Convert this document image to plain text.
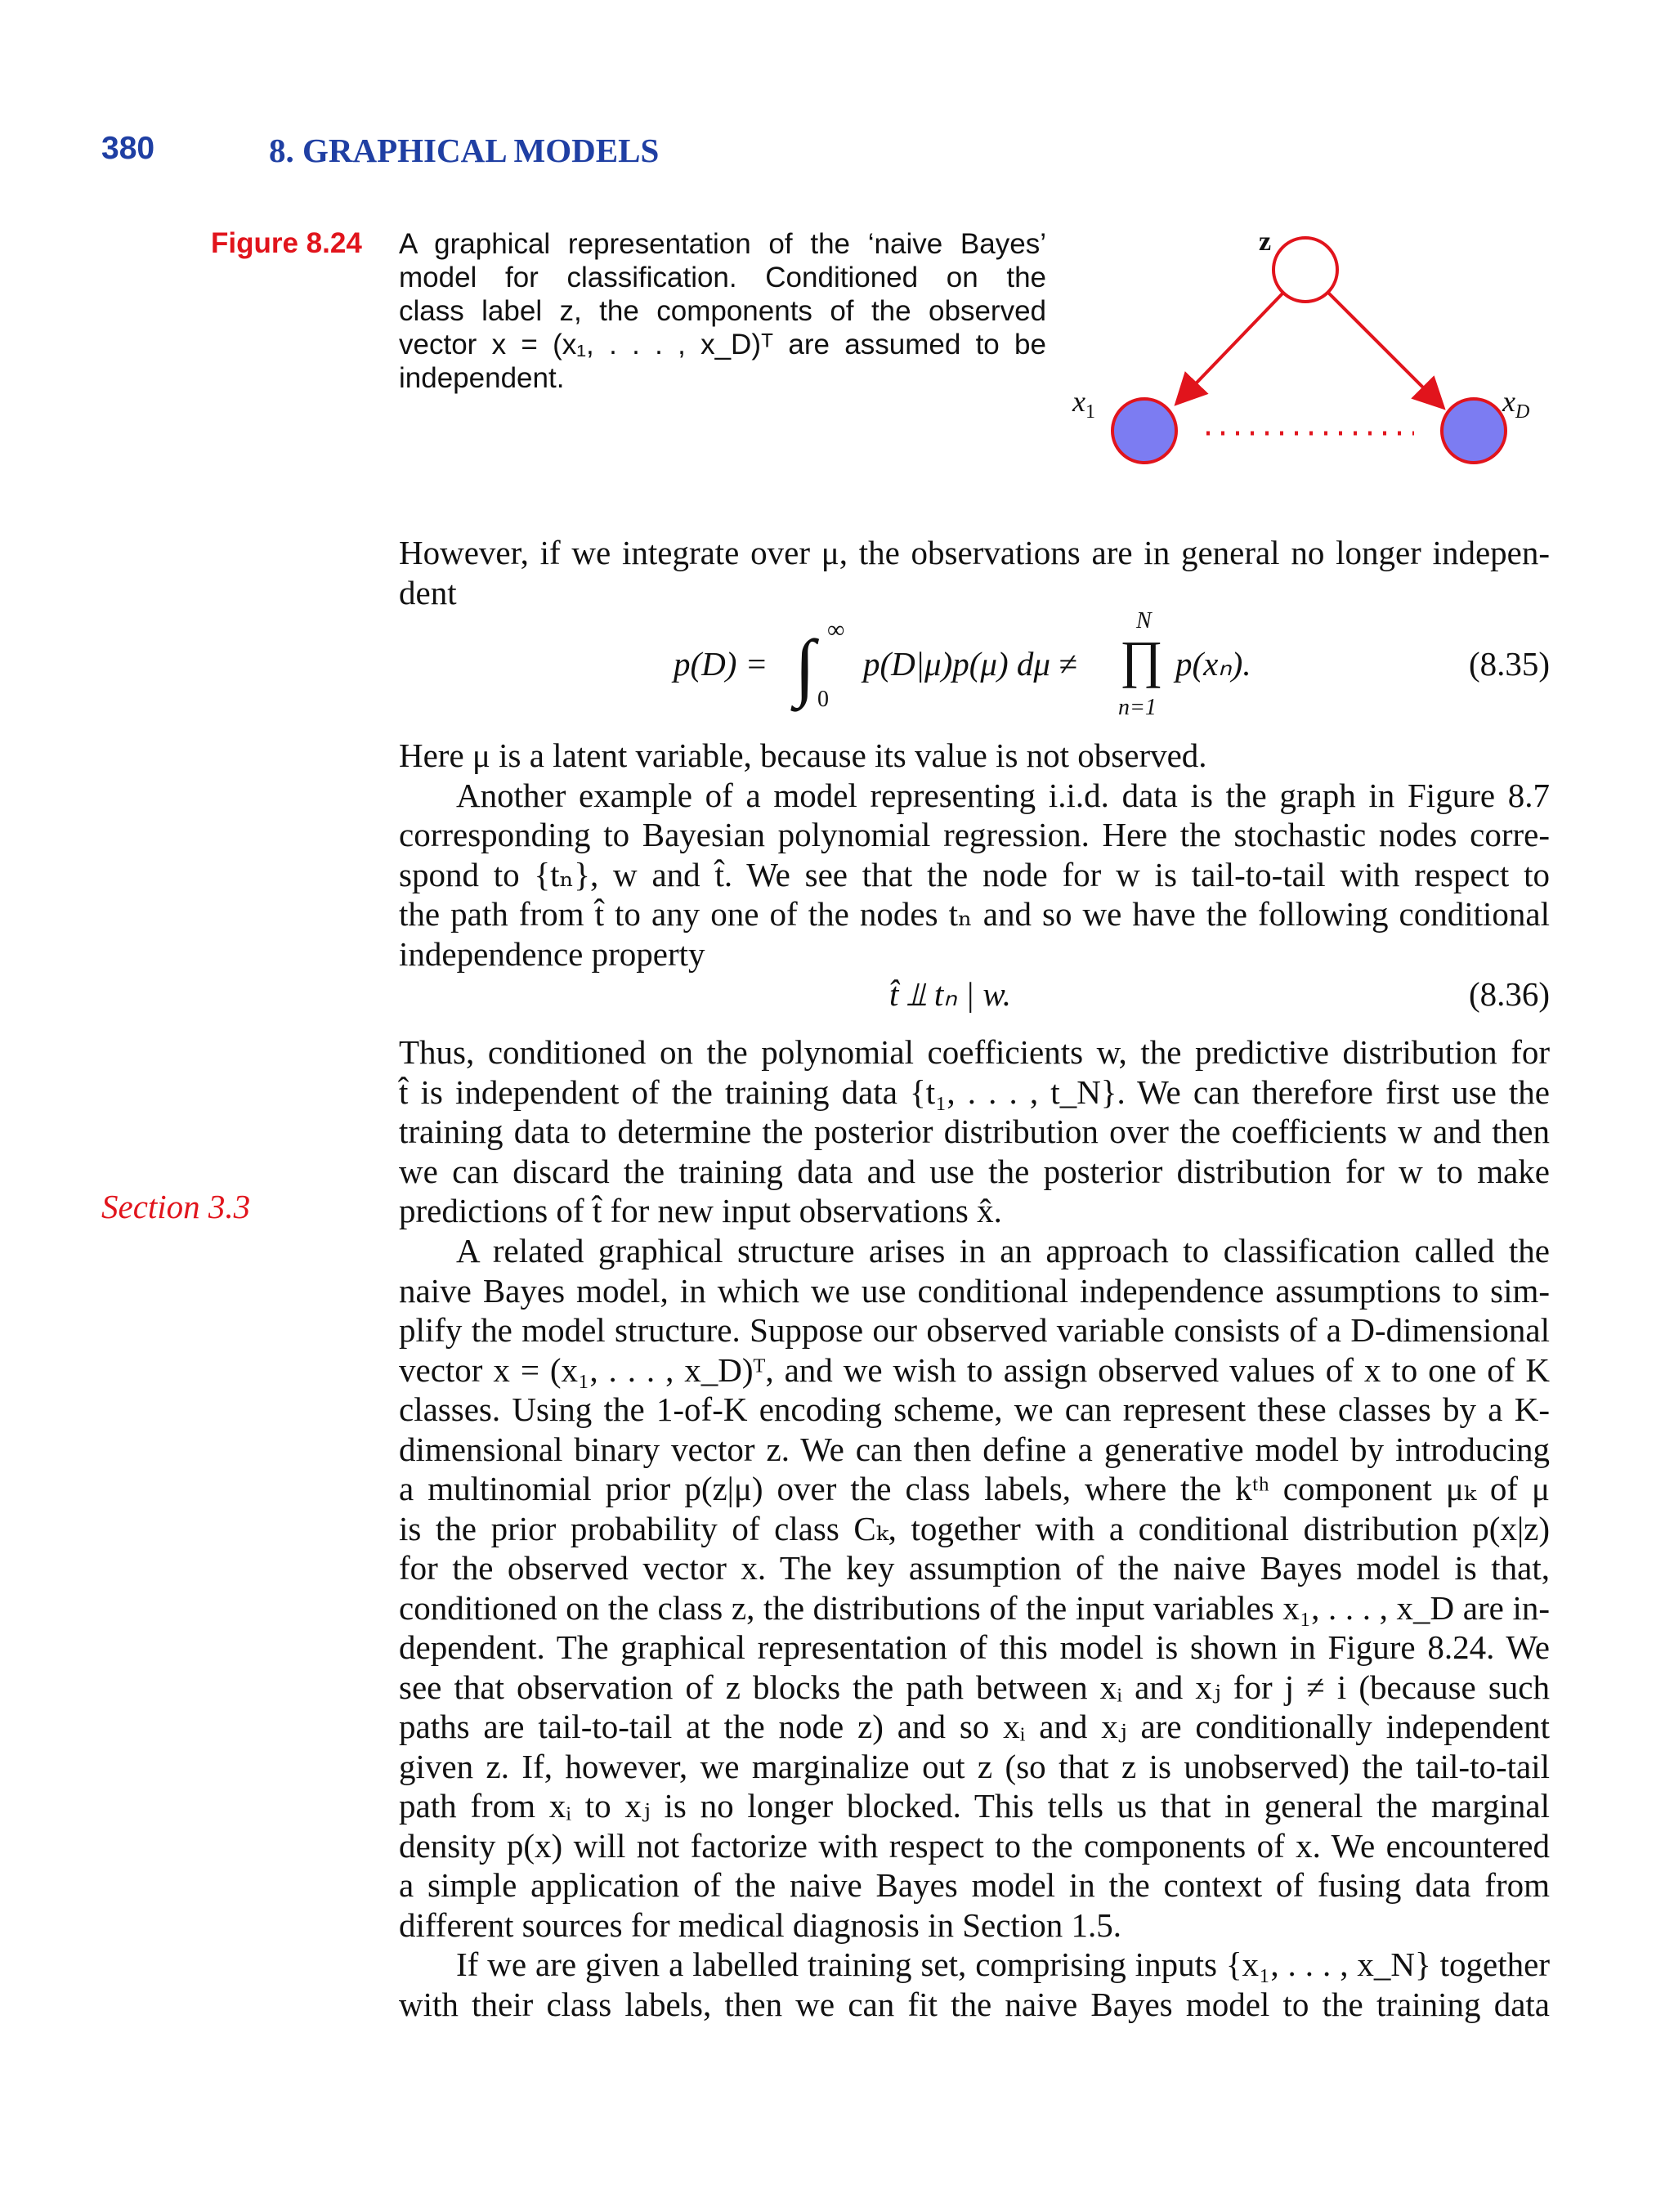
380	8. GRAPHICAL MODELS
Figure 8.24 A graphical representation of the ‘naive Bayes’
model for classification. Conditioned on the
class label z, the components of the observed
vector x = (x₁, . . . , x_D)ᵀ are assumed to be
independent.
z
$x_1$	$x_D$
However, if we integrate over μ, the observations are in general no longer indepen-
dent
p(D) = ∫ ∞
0
p(D|μ)p(μ) dμ ≠
N
∏
n=1
p(xₙ).	(8.35)
Here μ is a latent variable, because its value is not observed.
Another example of a model representing i.i.d. data is the graph in Figure 8.7
corresponding to Bayesian polynomial regression. Here the stochastic nodes corre-
spond to {tₙ}, w and t̂. We see that the node for w is tail-to-tail with respect to
the path from t̂ to any one of the nodes tₙ and so we have the following conditional
independence property
t̂ ⫫ tₙ | w.	(8.36)
Thus, conditioned on the polynomial coefficients w, the predictive distribution for
t̂ is independent of the training data {t₁, . . . , t_N}. We can therefore first use the
training data to determine the posterior distribution over the coefficients w and then
we can discard the training data and use the posterior distribution for w to make
predictions of t̂ for new input observations x̂.
Section 3.3
A related graphical structure arises in an approach to classification called the
naive Bayes model, in which we use conditional independence assumptions to sim-
plify the model structure. Suppose our observed variable consists of a D-dimensional
vector x = (x₁, . . . , x_D)ᵀ, and we wish to assign observed values of x to one of K
classes. Using the 1-of-K encoding scheme, we can represent these classes by a K-
dimensional binary vector z. We can then define a generative model by introducing
a multinomial prior p(z|μ) over the class labels, where the kᵗʰ component μₖ of μ
is the prior probability of class Cₖ, together with a conditional distribution p(x|z)
for the observed vector x. The key assumption of the naive Bayes model is that,
conditioned on the class z, the distributions of the input variables x₁, . . . , x_D are in-
dependent. The graphical representation of this model is shown in Figure 8.24. We
see that observation of z blocks the path between xᵢ and xⱼ for j ≠ i (because such
paths are tail-to-tail at the node z) and so xᵢ and xⱼ are conditionally independent
given z. If, however, we marginalize out z (so that z is unobserved) the tail-to-tail
path from xᵢ to xⱼ is no longer blocked. This tells us that in general the marginal
density p(x) will not factorize with respect to the components of x. We encountered
a simple application of the naive Bayes model in the context of fusing data from
different sources for medical diagnosis in Section 1.5.
If we are given a labelled training set, comprising inputs {x₁, . . . , x_N} together
with their class labels, then we can fit the naive Bayes model to the training data
